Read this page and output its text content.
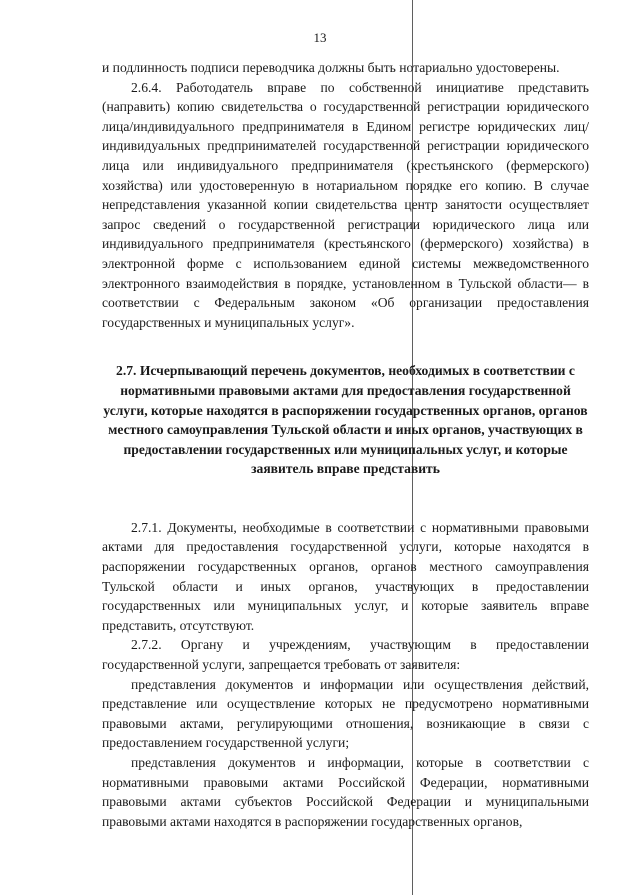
13

и подлинность подписи переводчика должны быть нотариально удостоверены.

2.6.4. Работодатель вправе по собственной инициативе представить (направить) копию свидетельства о государственной регистрации юридического лица/индивидуального предпринимателя в Едином регистре юридических лиц/индивидуальных предпринимателей государственной регистрации юридического лица или индивидуального предпринимателя (крестьянского (фермерского) хозяйства) или удостоверенную в нотариальном порядке его копию. В случае непредставления указанной копии свидетельства центр занятости осуществляет запрос сведений о государственной регистрации юридического лица или индивидуального предпринимателя (крестьянского (фермерского) хозяйства) в электронной форме с использованием единой системы межведомственного электронного взаимодействия в порядке, установленном в Тульской области— в соответствии с Федеральным законом «Об организации предоставления государственных и муниципальных услуг».

2.7. Исчерпывающий перечень документов, необходимых в соответствии с нормативными правовыми актами для предоставления государственной услуги, которые находятся в распоряжении государственных органов, органов местного самоуправления Тульской области и иных органов, участвующих в предоставлении государственных или муниципальных услуг, и которые заявитель вправе представить

2.7.1. Документы, необходимые в соответствии с нормативными правовыми актами для предоставления государственной услуги, которые находятся в распоряжении государственных органов, органов местного самоуправления Тульской области и иных органов, участвующих в предоставлении государственных или муниципальных услуг, и которые заявитель вправе представить, отсутствуют.

2.7.2. Органу и учреждениям, участвующим в предоставлении государственной услуги, запрещается требовать от заявителя:

представления документов и информации или осуществления действий, представление или осуществление которых не предусмотрено нормативными правовыми актами, регулирующими отношения, возникающие в связи с предоставлением государственной услуги;

представления документов и информации, которые в соответствии с нормативными правовыми актами Российской Федерации, нормативными правовыми актами субъектов Российской Федерации и муниципальными правовыми актами находятся в распоряжении государственных органов,
